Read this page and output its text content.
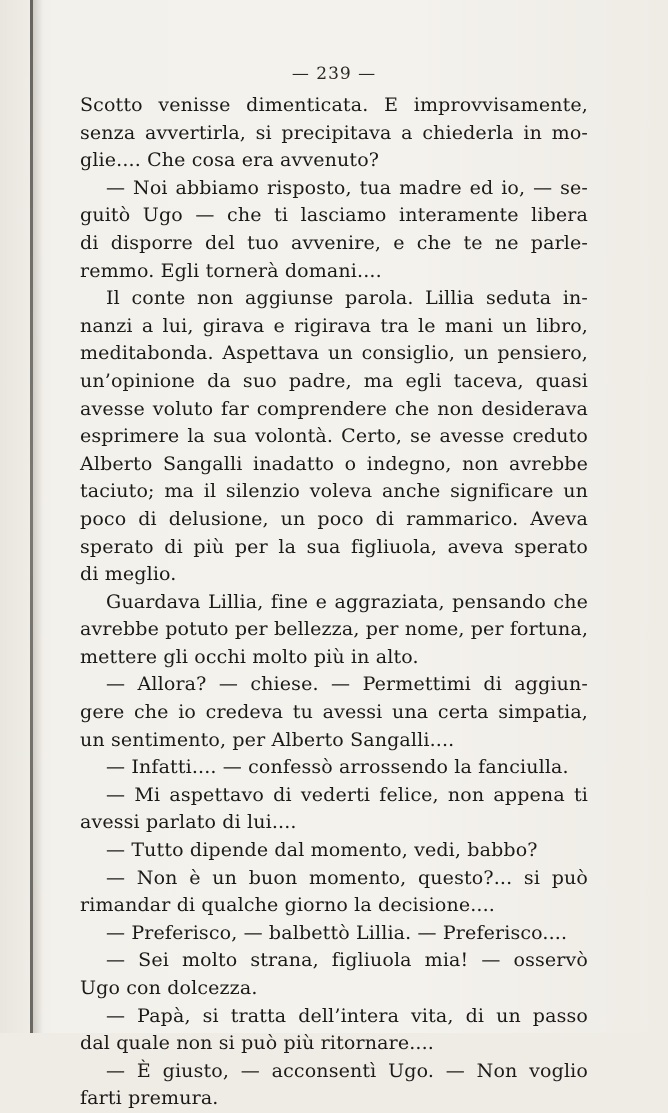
— 239 —
Scotto venisse dimenticata. E improvvisamente,
senza avvertirla, si precipitava a chiederla in mo-
glie.... Che cosa era avvenuto?
— Noi abbiamo risposto, tua madre ed io, — se-
guitò Ugo — che ti lasciamo interamente libera
di disporre del tuo avvenire, e che te ne parle-
remmo. Egli tornerà domani....
Il conte non aggiunse parola. Lillia seduta in-
nanzi a lui, girava e rigirava tra le mani un libro,
meditabonda. Aspettava un consiglio, un pensiero,
un’opinione da suo padre, ma egli taceva, quasi
avesse voluto far comprendere che non desiderava
esprimere la sua volontà. Certo, se avesse creduto
Alberto Sangalli inadatto o indegno, non avrebbe
taciuto; ma il silenzio voleva anche significare un
poco di delusione, un poco di rammarico. Aveva
sperato di più per la sua figliuola, aveva sperato
di meglio.
Guardava Lillia, fine e aggraziata, pensando che
avrebbe potuto per bellezza, per nome, per fortuna,
mettere gli occhi molto più in alto.
— Allora? — chiese. — Permettimi di aggiun-
gere che io credeva tu avessi una certa simpatia,
un sentimento, per Alberto Sangalli....
— Infatti.... — confessò arrossendo la fanciulla.
— Mi aspettavo di vederti felice, non appena ti
avessi parlato di lui....
— Tutto dipende dal momento, vedi, babbo?
— Non è un buon momento, questo?... si può
rimandar di qualche giorno la decisione....
— Preferisco, — balbettò Lillia. — Preferisco....
— Sei molto strana, figliuola mia! — osservò
Ugo con dolcezza.
— Papà, si tratta dell’intera vita, di un passo
dal quale non si può più ritornare....
— È giusto, — acconsentì Ugo. — Non voglio
farti premura.
